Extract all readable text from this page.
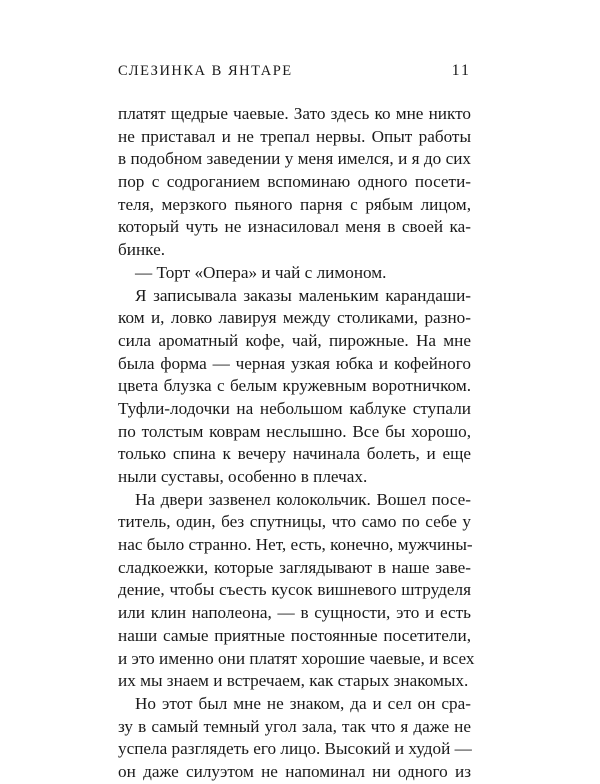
СЛЕЗИНКА В ЯНТАРЕ	11
платят щедрые чаевые. Зато здесь ко мне никто
не приставал и не трепал нервы. Опыт работы
в подобном заведении у меня имелся, и я до сих
пор с содроганием вспоминаю одного посети-
теля, мерзкого пьяного парня с рябым лицом,
который чуть не изнасиловал меня в своей ка-
бинке.
— Торт «Опера» и чай с лимоном.
Я записывала заказы маленьким карандаши-
ком и, ловко лавируя между столиками, разно-
сила ароматный кофе, чай, пирожные. На мне
была форма — черная узкая юбка и кофейного
цвета блузка с белым кружевным воротничком.
Туфли-лодочки на небольшом каблуке ступали
по толстым коврам неслышно. Все бы хорошо,
только спина к вечеру начинала болеть, и еще
ныли суставы, особенно в плечах.
На двери зазвенел колокольчик. Вошел посе-
титель, один, без спутницы, что само по себе у
нас было странно. Нет, есть, конечно, мужчины-
сладкоежки, которые заглядывают в наше заве-
дение, чтобы съесть кусок вишневого штруделя
или клин наполеона, — в сущности, это и есть
наши самые приятные постоянные посетители,
и это именно они платят хорошие чаевые, и всех
их мы знаем и встречаем, как старых знакомых.
Но этот был мне не знаком, да и сел он сра-
зу в самый темный угол зала, так что я даже не
успела разглядеть его лицо. Высокий и худой —
он даже силуэтом не напоминал ни одного из
